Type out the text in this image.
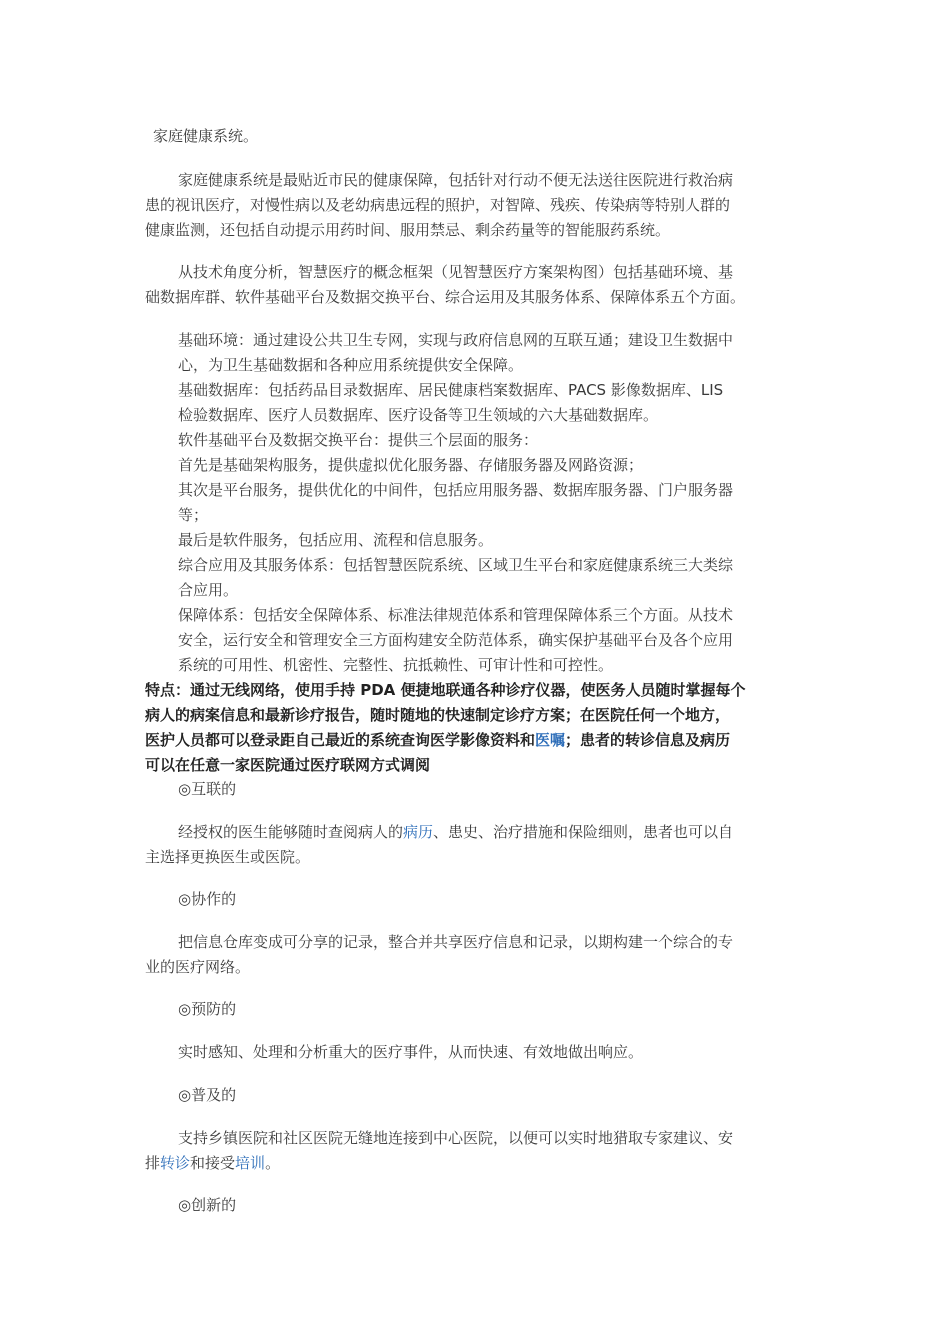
家庭健康系统。
家庭健康系统是最贴近市民的健康保障，包括针对行动不便无法送往医院进行救治病
患的视讯医疗，对慢性病以及老幼病患远程的照护，对智障、残疾、传染病等特别人群的
健康监测，还包括自动提示用药时间、服用禁忌、剩余药量等的智能服药系统。
从技术角度分析，智慧医疗的概念框架（见智慧医疗方案架构图）包括基础环境、基
础数据库群、软件基础平台及数据交换平台、综合运用及其服务体系、保障体系五个方面。
基础环境：通过建设公共卫生专网，实现与政府信息网的互联互通；建设卫生数据中
心，为卫生基础数据和各种应用系统提供安全保障。
基础数据库：包括药品目录数据库、居民健康档案数据库、PACS 影像数据库、LIS
检验数据库、医疗人员数据库、医疗设备等卫生领域的六大基础数据库。
软件基础平台及数据交换平台：提供三个层面的服务：
首先是基础架构服务，提供虚拟优化服务器、存储服务器及网路资源；
其次是平台服务，提供优化的中间件，包括应用服务器、数据库服务器、门户服务器
等；
最后是软件服务，包括应用、流程和信息服务。
综合应用及其服务体系：包括智慧医院系统、区域卫生平台和家庭健康系统三大类综
合应用。
保障体系：包括安全保障体系、标准法律规范体系和管理保障体系三个方面。从技术
安全，运行安全和管理安全三方面构建安全防范体系，确实保护基础平台及各个应用
系统的可用性、机密性、完整性、抗抵赖性、可审计性和可控性。
特点：通过无线网络，使用手持 PDA 便捷地联通各种诊疗仪器，使医务人员随时掌握每个
病人的病案信息和最新诊疗报告，随时随地的快速制定诊疗方案；在医院任何一个地方，
医护人员都可以登录距自己最近的系统查询医学影像资料和医嘱；患者的转诊信息及病历
可以在任意一家医院通过医疗联网方式调阅
◎互联的
经授权的医生能够随时查阅病人的病历、患史、治疗措施和保险细则，患者也可以自
主选择更换医生或医院。
◎协作的
把信息仓库变成可分享的记录，整合并共享医疗信息和记录，以期构建一个综合的专
业的医疗网络。
◎预防的
实时感知、处理和分析重大的医疗事件，从而快速、有效地做出响应。
◎普及的
支持乡镇医院和社区医院无缝地连接到中心医院，以便可以实时地猎取专家建议、安
排转诊和接受培训。
◎创新的
